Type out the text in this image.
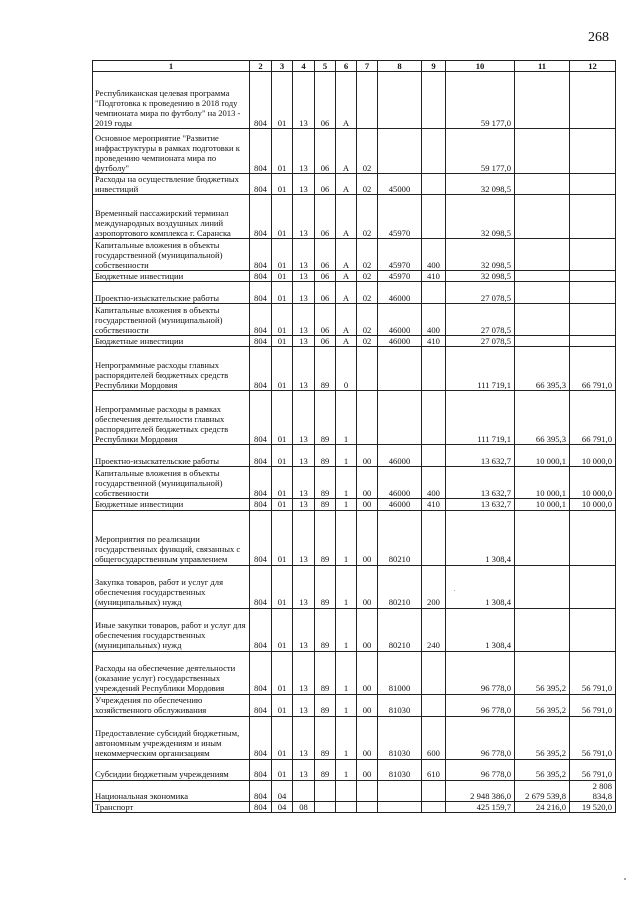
268
1	2	3	4	5	6	7	8	9	10	11	12
Республиканская целевая программа "Подготовка к проведению в 2018 году чемпионата мира по футболу" на 2013 - 2019 годы	804	01	13	06	А				59 177,0		
Основное мероприятие "Развитие инфраструктуры в рамках подготовки к проведению чемпионата мира по футболу"	804	01	13	06	А	02			59 177,0		
Расходы на осуществление бюджетных инвестиций	804	01	13	06	А	02	45000		32 098,5		
Временный пассажирский терминал международных воздушных линий аэропортового комплекса г. Саранска	804	01	13	06	А	02	45970		32 098,5		
Капитальные вложения в объекты государственной (муниципальной) собственности	804	01	13	06	А	02	45970	400	32 098,5		
Бюджетные инвестиции	804	01	13	06	А	02	45970	410	32 098,5		
Проектно-изыскательские работы	804	01	13	06	А	02	46000		27 078,5		
Капитальные вложения в объекты государственной (муниципальной) собственности	804	01	13	06	А	02	46000	400	27 078,5		
Бюджетные инвестиции	804	01	13	06	А	02	46000	410	27 078,5		
Непрограммные расходы главных распорядителей бюджетных средств Республики Мордовия	804	01	13	89	0				111 719,1	66 395,3	66 791,0
Непрограммные расходы в рамках обеспечения деятельности главных распорядителей бюджетных средств Республики Мордовия	804	01	13	89	1				111 719,1	66 395,3	66 791,0
Проектно-изыскательские работы	804	01	13	89	1	00	46000		13 632,7	10 000,1	10 000,0
Капитальные вложения в объекты государственной (муниципальной) собственности	804	01	13	89	1	00	46000	400	13 632,7	10 000,1	10 000,0
Бюджетные инвестиции	804	01	13	89	1	00	46000	410	13 632,7	10 000,1	10 000,0
Мероприятия по реализации государственных функций, связанных с общегосударственным управлением	804	01	13	89	1	00	80210		1 308,4		
Закупка товаров, работ и услуг для обеспечения государственных (муниципальных) нужд	804	01	13	89	1	00	80210	200	1 308,4		
Иные закупки товаров, работ и услуг для обеспечения государственных (муниципальных) нужд	804	01	13	89	1	00	80210	240	1 308,4		
Расходы на обеспечение деятельности (оказание услуг) государственных учреждений Республики Мордовия	804	01	13	89	1	00	81000		96 778,0	56 395,2	56 791,0
Учреждения по обеспечению хозяйственного обслуживания	804	01	13	89	1	00	81030		96 778,0	56 395,2	56 791,0
Предоставление субсидий бюджетным, автономным учреждениям и иным некоммерческим организациям	804	01	13	89	1	00	81030	600	96 778,0	56 395,2	56 791,0
Субсидии бюджетным учреждениям	804	01	13	89	1	00	81030	610	96 778,0	56 395,2	56 791,0
Национальная экономика	804	04							2 948 386,0	2 679 539,8	2 808 834,8
Транспорт	804	04	08						425 159,7	24 216,0	19 520,0
